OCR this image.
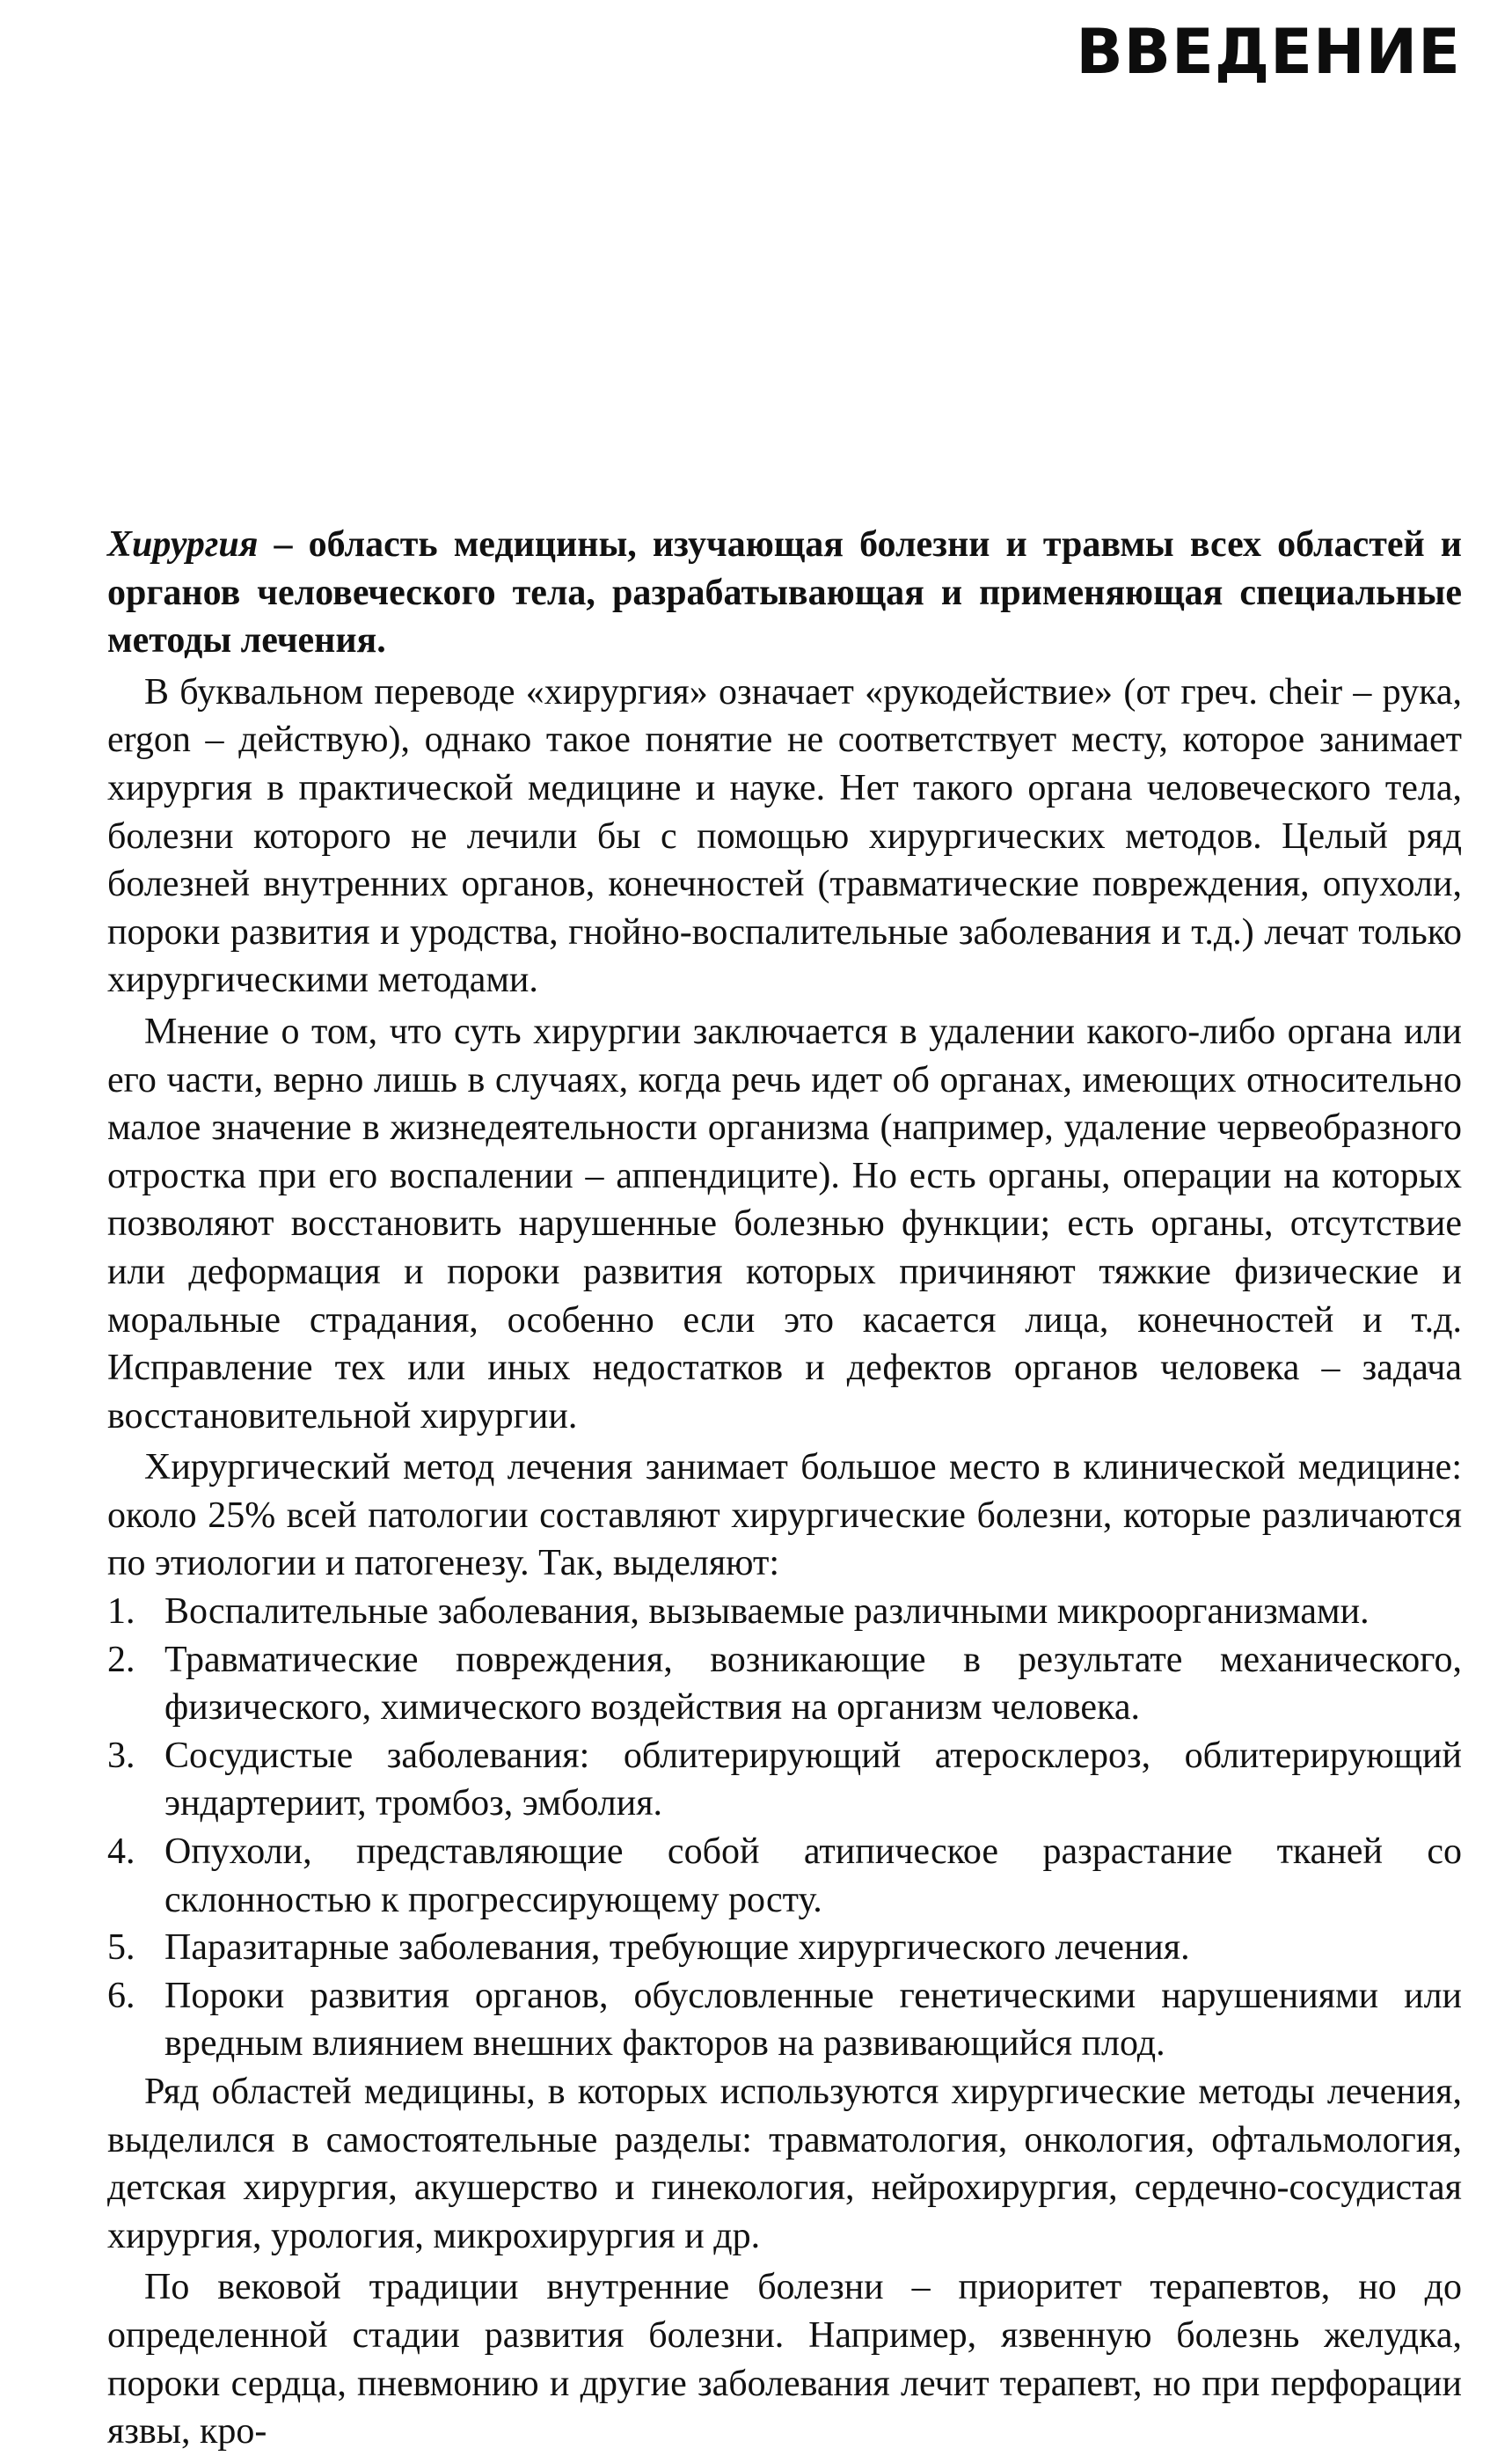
ВВЕДЕНИЕ

Хирургия – область медицины, изучающая болезни и травмы всех областей и органов человеческого тела, разрабатывающая и применяющая специальные методы лечения.

В буквальном переводе «хирургия» означает «рукодействие» (от греч. cheir – рука, ergon – действую), однако такое понятие не соответствует месту, которое занимает хирургия в практической медицине и науке. Нет такого органа человеческого тела, болезни которого не лечили бы с помощью хирургических методов. Целый ряд болезней внутренних органов, конечностей (травматические повреждения, опухоли, пороки развития и уродства, гнойно-воспалительные заболевания и т.д.) лечат только хирургическими методами.

Мнение о том, что суть хирургии заключается в удалении какого-либо органа или его части, верно лишь в случаях, когда речь идет об органах, имеющих относительно малое значение в жизнедеятельности организма (например, удаление червеобразного отростка при его воспалении – аппендиците). Но есть органы, операции на которых позволяют восстановить нарушенные болезнью функции; есть органы, отсутствие или деформация и пороки развития которых причиняют тяжкие физические и моральные страдания, особенно если это касается лица, конечностей и т.д. Исправление тех или иных недостатков и дефектов органов человека – задача восстановительной хирургии.

Хирургический метод лечения занимает большое место в клинической медицине: около 25% всей патологии составляют хирургические болезни, которые различаются по этиологии и патогенезу. Так, выделяют:

1. Воспалительные заболевания, вызываемые различными микроорганизмами.
2. Травматические повреждения, возникающие в результате механического, физического, химического воздействия на организм человека.
3. Сосудистые заболевания: облитерирующий атеросклероз, облитерирующий эндартериит, тромбоз, эмболия.
4. Опухоли, представляющие собой атипическое разрастание тканей со склонностью к прогрессирующему росту.
5. Паразитарные заболевания, требующие хирургического лечения.
6. Пороки развития органов, обусловленные генетическими нарушениями или вредным влиянием внешних факторов на развивающийся плод.

Ряд областей медицины, в которых используются хирургические методы лечения, выделился в самостоятельные разделы: травматология, онкология, офтальмология, детская хирургия, акушерство и гинекология, нейрохирургия, сердечно-сосудистая хирургия, урология, микрохирургия и др.

По вековой традиции внутренние болезни – приоритет терапевтов, но до определенной стадии развития болезни. Например, язвенную болезнь желудка, пороки сердца, пневмонию и другие заболевания лечит терапевт, но при перфорации язвы, кро-
